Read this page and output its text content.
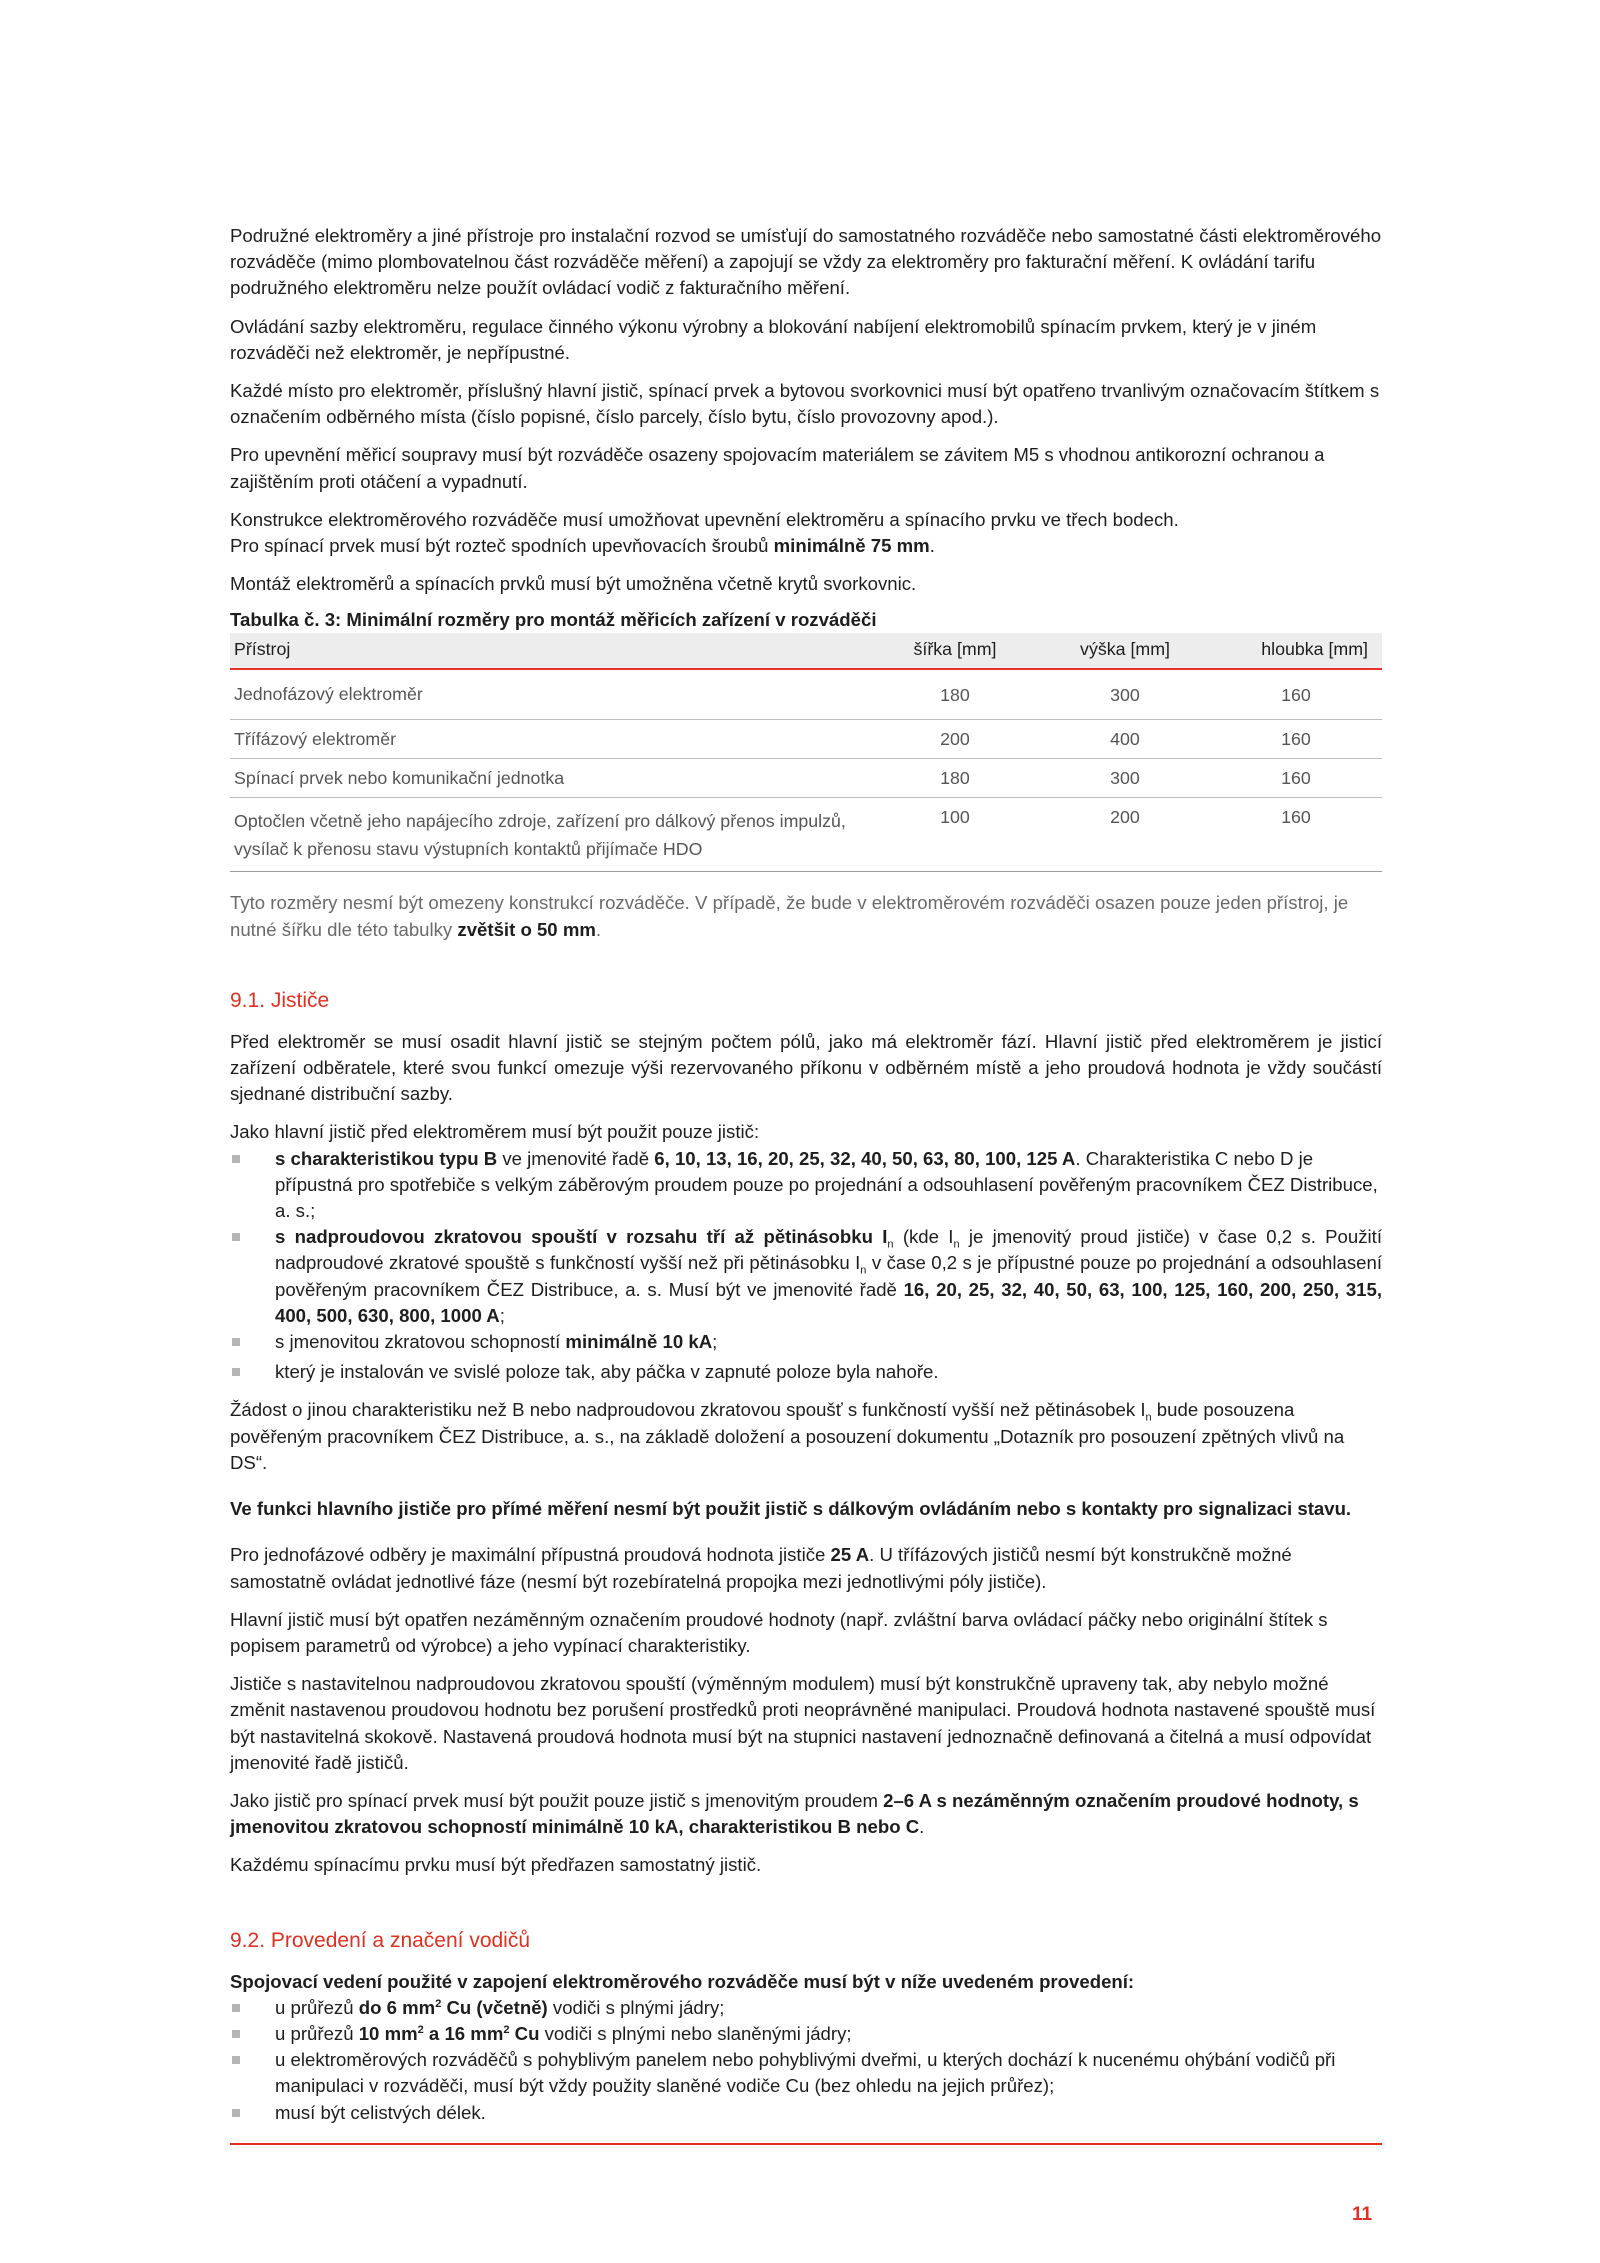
Podružné elektroměry a jiné přístroje pro instalační rozvod se umísťují do samostatného rozváděče nebo samostatné části elektroměrového rozváděče (mimo plombovatelnou část rozváděče měření) a zapojují se vždy za elektroměry pro fakturační měření. K ovládání tarifu podružného elektroměru nelze použít ovládací vodič z fakturačního měření.

Ovládání sazby elektroměru, regulace činného výkonu výrobny a blokování nabíjení elektromobilů spínacím prvkem, který je v jiném rozváděči než elektroměr, je nepřípustné.

Každé místo pro elektroměr, příslušný hlavní jistič, spínací prvek a bytovou svorkovnici musí být opatřeno trvanlivým označovacím štítkem s označením odběrného místa (číslo popisné, číslo parcely, číslo bytu, číslo provozovny apod.).

Pro upevnění měřicí soupravy musí být rozváděče osazeny spojovacím materiálem se závitem M5 s vhodnou antikorozní ochranou a zajištěním proti otáčení a vypadnutí.

Konstrukce elektroměrového rozváděče musí umožňovat upevnění elektroměru a spínacího prvku ve třech bodech.

Pro spínací prvek musí být rozteč spodních upevňovacích šroubů minimálně 75 mm.

Montáž elektroměrů a spínacích prvků musí být umožněna včetně krytů svorkovnic.

Tabulka č. 3: Minimální rozměry pro montáž měřicích zařízení v rozváděči
Přístroj	šířka [mm]	výška [mm]	hloubka [mm]
Jednofázový elektroměr	180	300	160
Třífázový elektroměr	200	400	160
Spínací prvek nebo komunikační jednotka	180	300	160
Optočlen včetně jeho napájecího zdroje, zařízení pro dálkový přenos impulzů, vysílač k přenosu stavu výstupních kontaktů přijímače HDO	100	200	160

Tyto rozměry nesmí být omezeny konstrukcí rozváděče. V případě, že bude v elektroměrovém rozváděči osazen pouze jeden přístroj, je nutné šířku dle této tabulky zvětšit o 50 mm.

9.1. Jističe

Před elektroměr se musí osadit hlavní jistič se stejným počtem pólů, jako má elektroměr fází. Hlavní jistič před elektroměrem je jisticí zařízení odběratele, které svou funkcí omezuje výši rezervovaného příkonu v odběrném místě a jeho proudová hodnota je vždy součástí sjednané distribuční sazby.

Jako hlavní jistič před elektroměrem musí být použit pouze jistič:

s charakteristikou typu B ve jmenovité řadě 6, 10, 13, 16, 20, 25, 32, 40, 50, 63, 80, 100, 125 A. Charakteristika C nebo D je přípustná pro spotřebiče s velkým záběrovým proudem pouze po projednání a odsouhlasení pověřeným pracovníkem ČEZ Distribuce, a. s.;
s nadproudovou zkratovou spouští v rozsahu tří až pětinásobku $I_n$ (kde $I_n$ je jmenovitý proud jističe) v čase 0,2 s. Použití nadproudové zkratové spouště s funkčností vyšší než při pětinásobku $I_n$ v čase 0,2 s je přípustné pouze po projednání a odsouhlasení pověřeným pracovníkem ČEZ Distribuce, a. s. Musí být ve jmenovité řadě 16, 20, 25, 32, 40, 50, 63, 100, 125, 160, 200, 250, 315, 400, 500, 630, 800, 1000 A;
s jmenovitou zkratovou schopností minimálně 10 kA;
který je instalován ve svislé poloze tak, aby páčka v zapnuté poloze byla nahoře.

Žádost o jinou charakteristiku než B nebo nadproudovou zkratovou spoušť s funkčností vyšší než pětinásobek $I_n$ bude posouzena pověřeným pracovníkem ČEZ Distribuce, a. s., na základě doložení a posouzení dokumentu „Dotazník pro posouzení zpětných vlivů na DS“.

Ve funkci hlavního jističe pro přímé měření nesmí být použit jistič s dálkovým ovládáním nebo s kontakty pro signalizaci stavu.

Pro jednofázové odběry je maximální přípustná proudová hodnota jističe 25 A. U třífázových jističů nesmí být konstrukčně možné samostatně ovládat jednotlivé fáze (nesmí být rozebíratelná propojka mezi jednotlivými póly jističe).

Hlavní jistič musí být opatřen nezáměnným označením proudové hodnoty (např. zvláštní barva ovládací páčky nebo originální štítek s popisem parametrů od výrobce) a jeho vypínací charakteristiky.

Jističe s nastavitelnou nadproudovou zkratovou spouští (výměnným modulem) musí být konstrukčně upraveny tak, aby nebylo možné změnit nastavenou proudovou hodnotu bez porušení prostředků proti neoprávněné manipulaci. Proudová hodnota nastavené spouště musí být nastavitelná skokově. Nastavená proudová hodnota musí být na stupnici nastavení jednoznačně definovaná a čitelná a musí odpovídat jmenovité řadě jističů.

Jako jistič pro spínací prvek musí být použit pouze jistič s jmenovitým proudem 2–6 A s nezáměnným označením proudové hodnoty, s jmenovitou zkratovou schopností minimálně 10 kA, charakteristikou B nebo C.

Každému spínacímu prvku musí být předřazen samostatný jistič.

9.2. Provedení a značení vodičů

Spojovací vedení použité v zapojení elektroměrového rozváděče musí být v níže uvedeném provedení:

u průřezů do 6 $mm^2$ Cu (včetně) vodiči s plnými jádry;
u průřezů 10 $mm^2$ a 16 $mm^2$ Cu vodiči s plnými nebo slaněnými jádry;
u elektroměrových rozváděčů s pohyblivým panelem nebo pohyblivými dveřmi, u kterých dochází k nucenému ohýbání vodičů při manipulaci v rozváděči, musí být vždy použity slaněné vodiče Cu (bez ohledu na jejich průřez);
musí být celistvých délek.
11
